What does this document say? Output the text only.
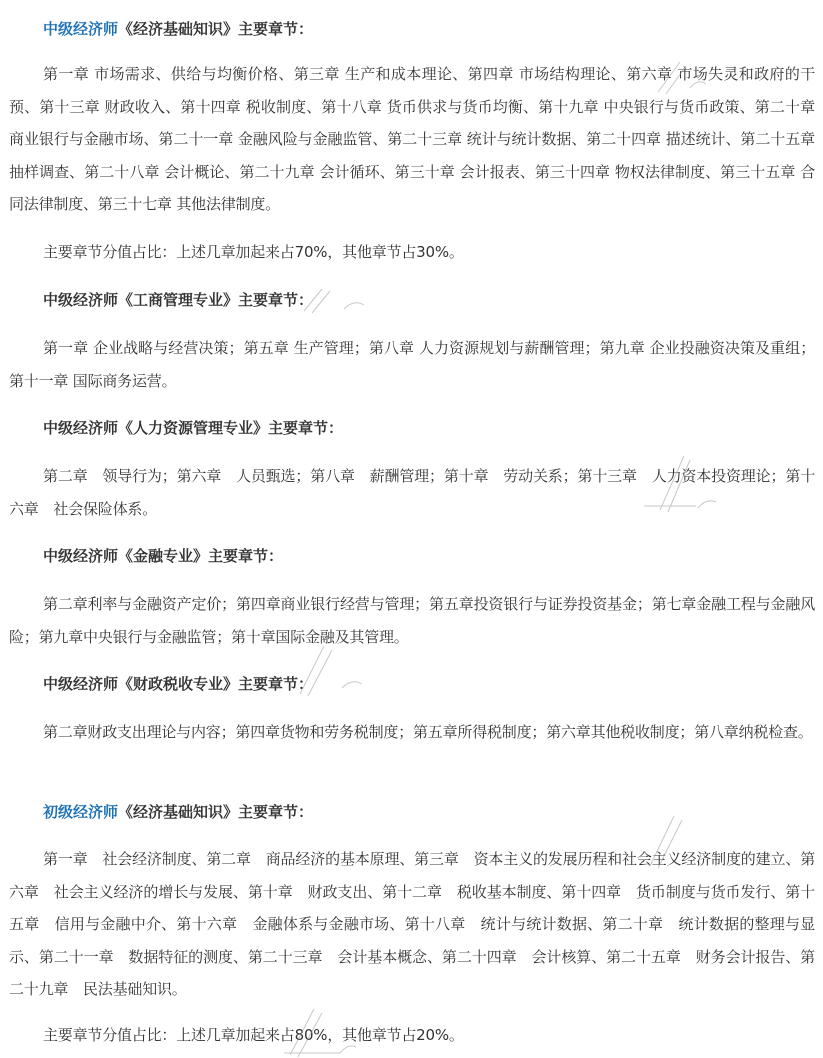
中级经济师《经济基础知识》主要章节：

第一章 市场需求、供给与均衡价格、第三章 生产和成本理论、第四章 市场结构理论、第六章 市场失灵和政府的干预、第十三章 财政收入、第十四章 税收制度、第十八章 货币供求与货币均衡、第十九章 中央银行与货币政策、第二十章 商业银行与金融市场、第二十一章 金融风险与金融监管、第二十三章 统计与统计数据、第二十四章 描述统计、第二十五章 抽样调查、第二十八章 会计概论、第二十九章 会计循环、第三十章 会计报表、第三十四章 物权法律制度、第三十五章 合同法律制度、第三十七章 其他法律制度。

主要章节分值占比：上述几章加起来占70%，其他章节占30%。

中级经济师《工商管理专业》主要章节：

第一章 企业战略与经营决策；第五章 生产管理；第八章 人力资源规划与薪酬管理；第九章 企业投融资决策及重组；第十一章 国际商务运营。

中级经济师《人力资源管理专业》主要章节：

第二章　领导行为；第六章　人员甄选；第八章　薪酬管理；第十章　劳动关系；第十三章　人力资本投资理论；第十六章　社会保险体系。

中级经济师《金融专业》主要章节：

第二章利率与金融资产定价；第四章商业银行经营与管理；第五章投资银行与证券投资基金；第七章金融工程与金融风险；第九章中央银行与金融监管；第十章国际金融及其管理。

中级经济师《财政税收专业》主要章节：

第二章财政支出理论与内容；第四章货物和劳务税制度；第五章所得税制度；第六章其他税收制度；第八章纳税检查。

初级经济师《经济基础知识》主要章节：

第一章　社会经济制度、第二章　商品经济的基本原理、第三章　资本主义的发展历程和社会主义经济制度的建立、第六章　社会主义经济的增长与发展、第十章　财政支出、第十二章　税收基本制度、第十四章　货币制度与货币发行、第十五章　信用与金融中介、第十六章　金融体系与金融市场、第十八章　统计与统计数据、第二十章　统计数据的整理与显示、第二十一章　数据特征的测度、第二十三章　会计基本概念、第二十四章　会计核算、第二十五章　财务会计报告、第二十九章　民法基础知识。

主要章节分值占比：上述几章加起来占80%，其他章节占20%。
